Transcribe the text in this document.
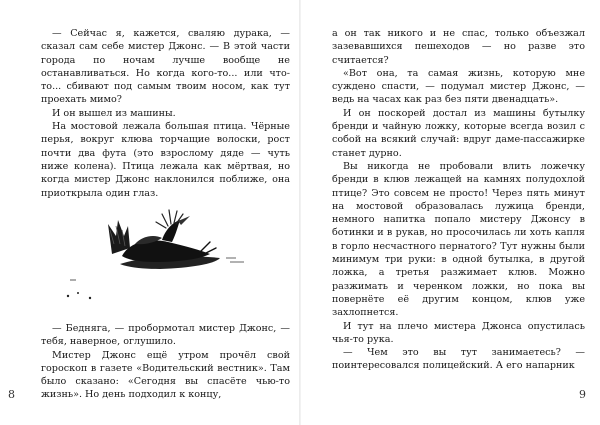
— Сейчас я, кажется, сваляю дурака, — сказал сам себе мистер Джонс. — В этой части города по ночам лучше вообще не останавливаться. Но когда кого-то... или что-то... сбивают под самым твоим носом, как тут проехать мимо?

И он вышел из машины.

На мостовой лежала большая птица. Чёрные перья, вокруг клюва торчащие волоски, рост почти два фута (это взрослому дяде — чуть ниже колена). Птица лежала как мёртвая, но когда мистер Джонс наклонился поближе, она приоткрыла один глаз.

— Бедняга, — пробормотал мистер Джонс, — тебя, наверное, оглушило.

Мистер Джонс ещё утром прочёл свой гороскоп в газете «Водительский вестник». Там было сказано: «Сегодня вы спасёте чью-то жизнь». Но день подходил к концу,

8

а он так никого и не спас, только объезжал зазевавшихся пешеходов — но разве это считается?

«Вот она, та самая жизнь, которую мне суждено спасти, — подумал мистер Джонс, — ведь на часах как раз без пяти двенадцать».

И он поскорей достал из машины бутылку бренди и чайную ложку, которые всегда возил с собой на всякий случай: вдруг даме-пассажирке станет дурно.

Вы никогда не пробовали влить ложечку бренди в клюв лежащей на камнях полудохлой птице? Это совсем не просто! Через пять минут на мостовой образовалась лужица бренди, немного напитка попало мистеру Джонсу в ботинки и в рукав, но просочилась ли хоть капля в горло несчастного пернатого? Тут нужны были минимум три руки: в одной бутылка, в другой ложка, а третья разжимает клюв. Можно разжимать и черенком ложки, но пока вы повернёте её другим концом, клюв уже захлопнется.

И тут на плечо мистера Джонса опустилась чья-то рука.

— Чем это вы тут занимаетесь? — поинтересовался полицейский. А его напарник

9
